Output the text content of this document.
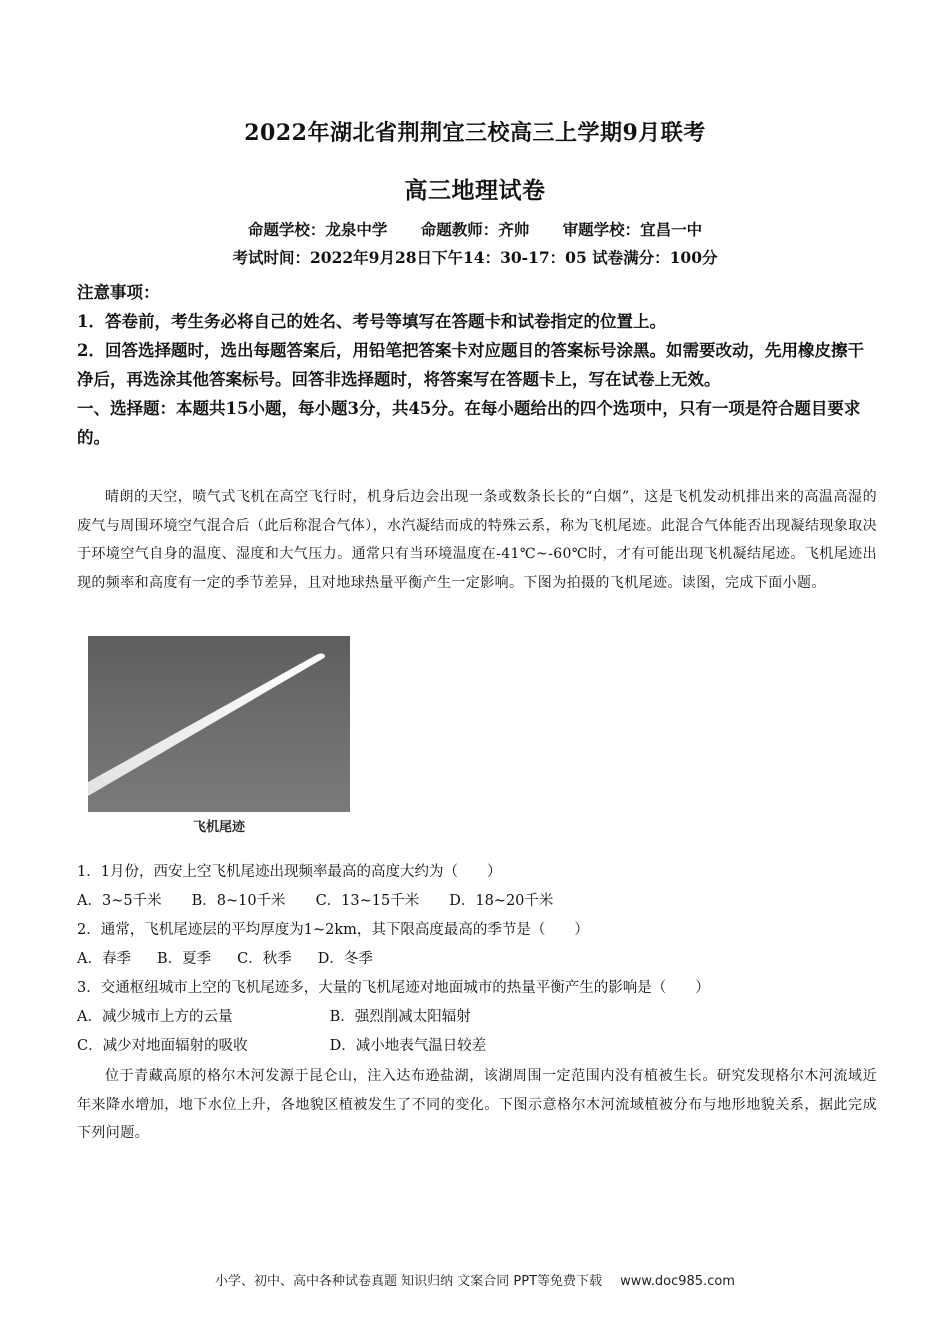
2022年湖北省荆荆宜三校高三上学期9月联考
高三地理试卷
命题学校：龙泉中学 命题教师：齐帅 审题学校：宜昌一中
考试时间：2022年9月28日下午14：30-17：05 试卷满分：100分

注意事项：

1．答卷前，考生务必将自己的姓名、考号等填写在答题卡和试卷指定的位置上。

2．回答选择题时，选出每题答案后，用铅笔把答案卡对应题目的答案标号涂黑。如需要改动，先用橡皮擦干净后，再选涂其他答案标号。回答非选择题时，将答案写在答题卡上，写在试卷上无效。

一、选择题：本题共15小题，每小题3分，共45分。在每小题给出的四个选项中，只有一项是符合题目要求的。

晴朗的天空，喷气式飞机在高空飞行时，机身后边会出现一条或数条长长的“白烟”，这是飞机发动机排出来的高温高湿的废气与周围环境空气混合后（此后称混合气体），水汽凝结而成的特殊云系，称为飞机尾迹。此混合气体能否出现凝结现象取决于环境空气自身的温度、湿度和大气压力。通常只有当环境温度在-41℃~-60℃时，才有可能出现飞机凝结尾迹。飞机尾迹出现的频率和高度有一定的季节差异，且对地球热量平衡产生一定影响。下图为拍摄的飞机尾迹。读图，完成下面小题。

飞机尾迹

1．1月份，西安上空飞机尾迹出现频率最高的高度大约为（　　）

A．3~5千米 B．8~10千米 C．13~15千米 D．18~20千米

2．通常，飞机尾迹层的平均厚度为1~2km，其下限高度最高的季节是（　　）

A．春季 B．夏季 C．秋季 D．冬季

3．交通枢纽城市上空的飞机尾迹多，大量的飞机尾迹对地面城市的热量平衡产生的影响是（　　）

A．减少城市上方的云量	B．强烈削减太阳辐射

C．减少对地面辐射的吸收	D．减小地表气温日较差

位于青藏高原的格尔木河发源于昆仑山，注入达布逊盐湖，该湖周围一定范围内没有植被生长。研究发现格尔木河流域近年来降水增加，地下水位上升，各地貌区植被发生了不同的变化。下图示意格尔木河流域植被分布与地形地貌关系，据此完成下列问题。

小学、初中、高中各种试卷真题 知识归纳 文案合同 PPT等免费下载 www.doc985.com
